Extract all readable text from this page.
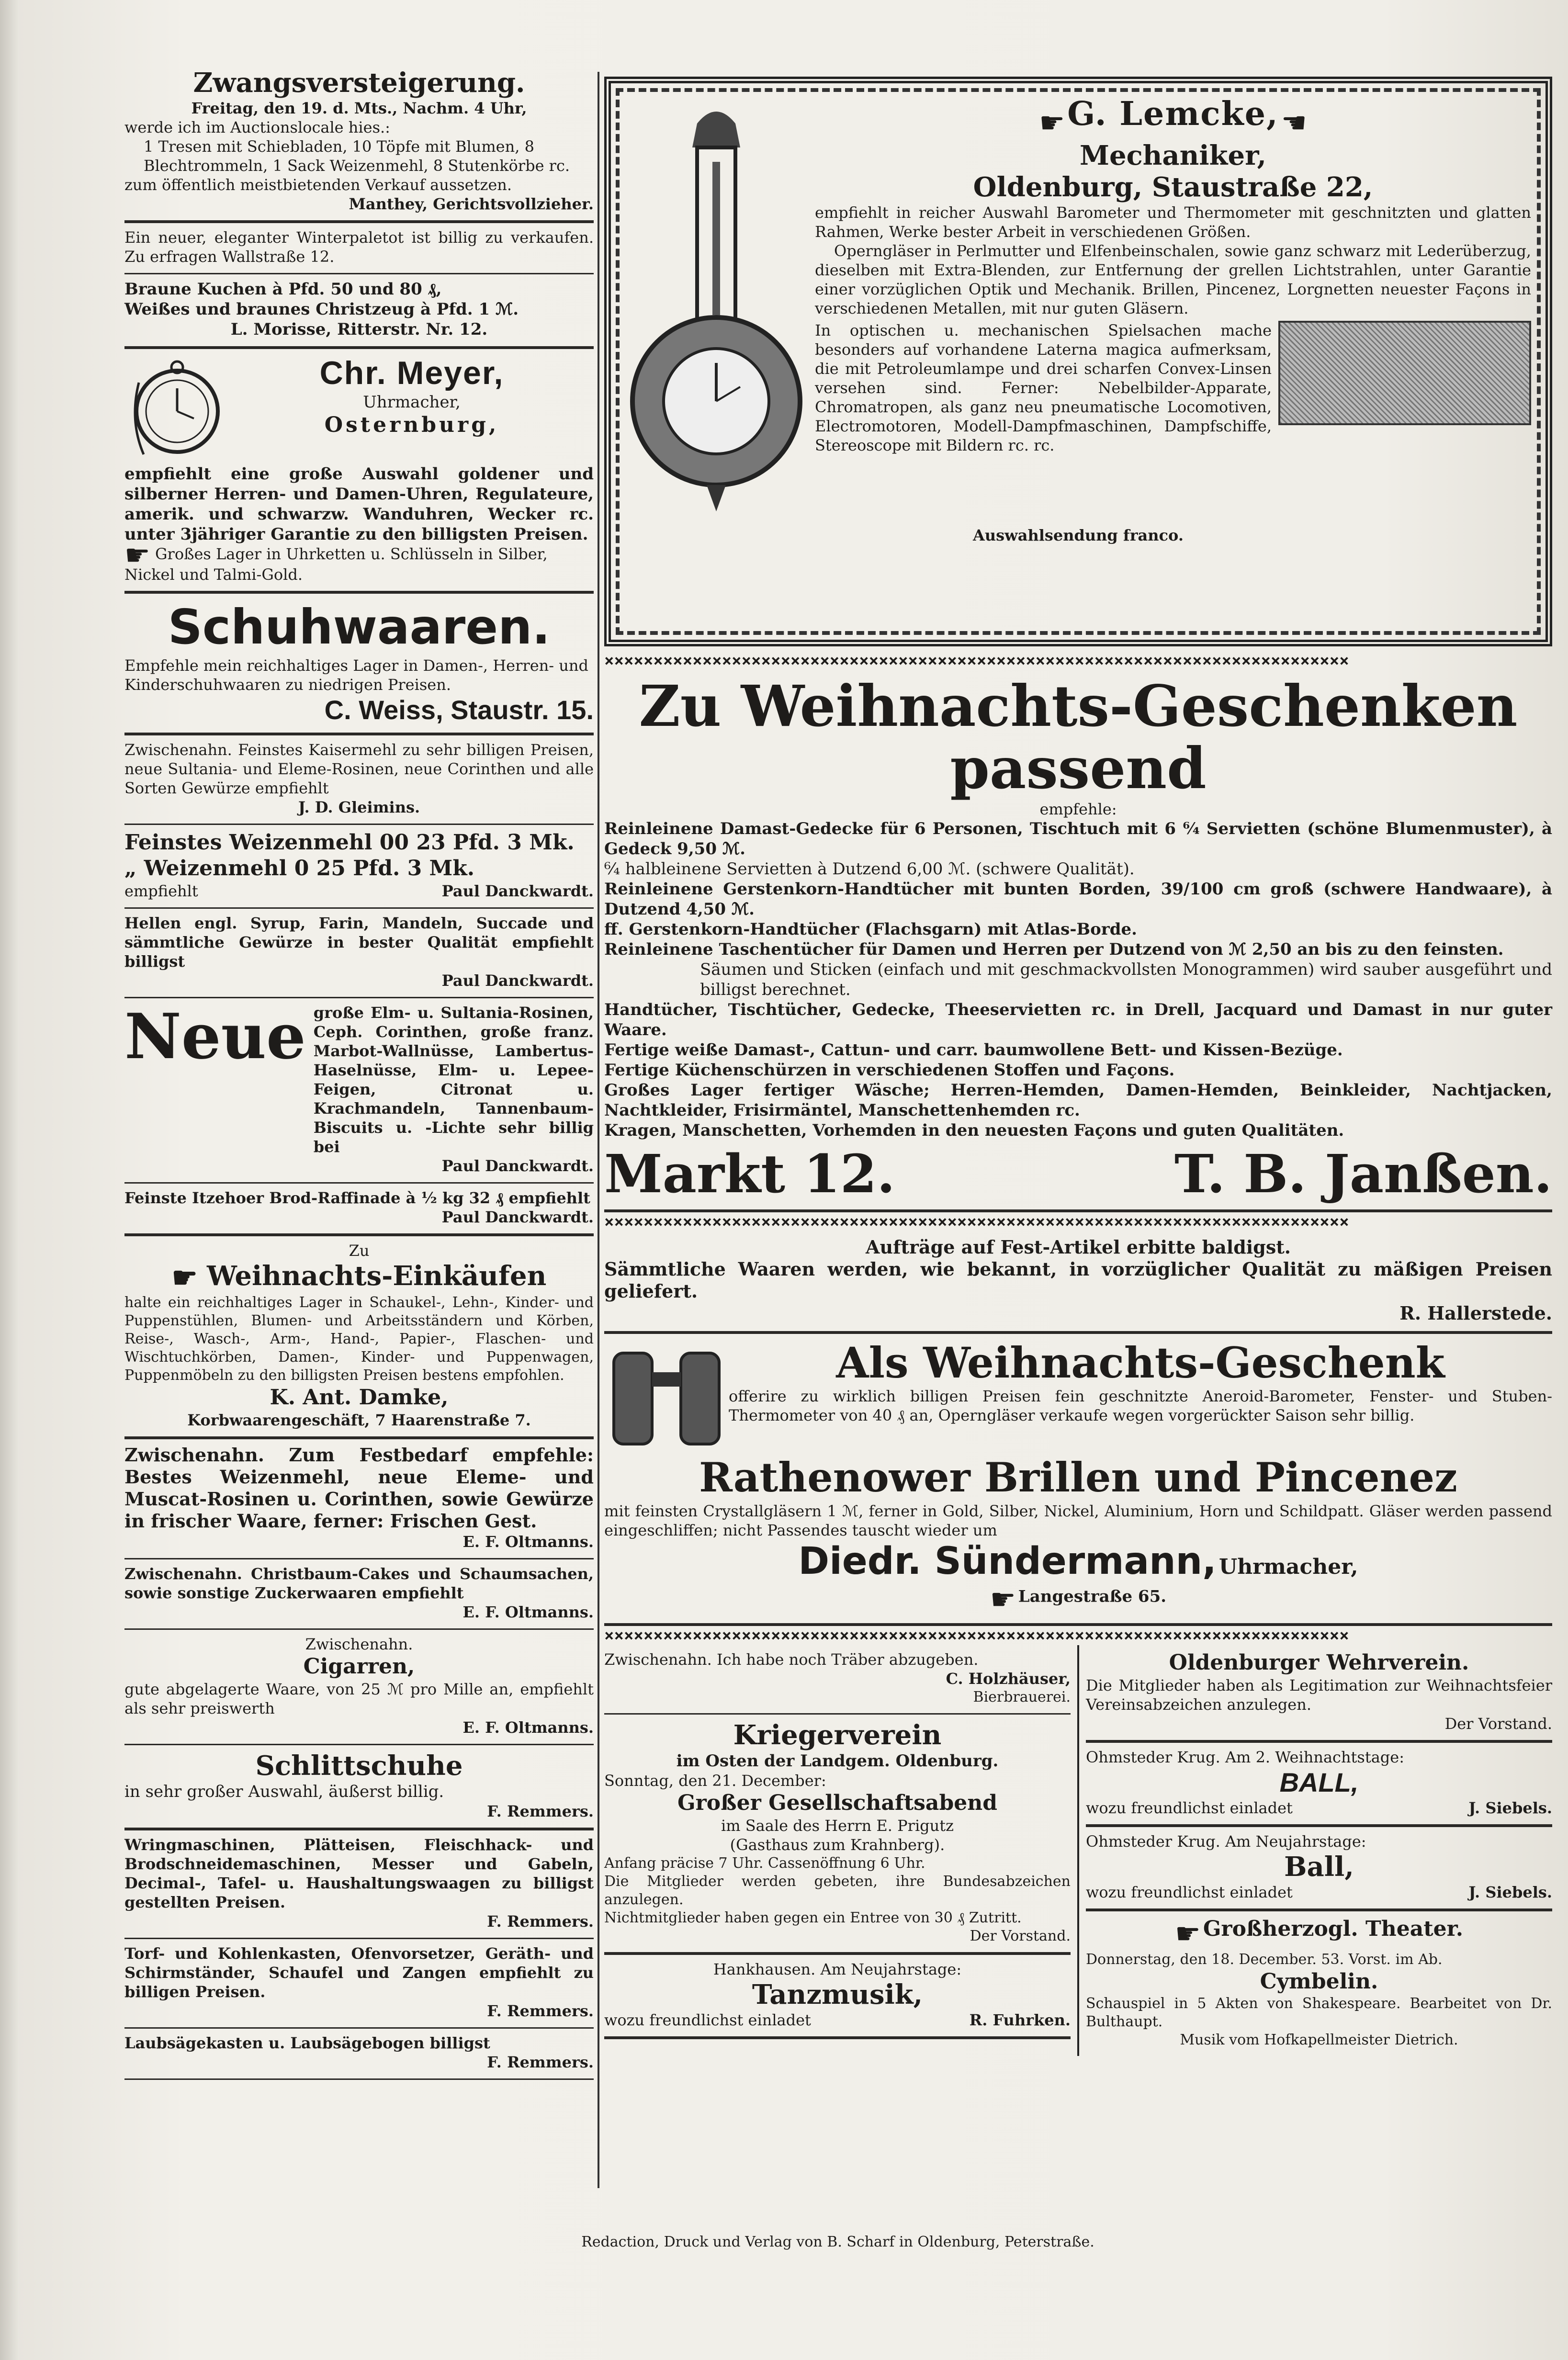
Zwangsversteigerung.
Freitag, den 19. d. Mts., Nachm. 4 Uhr,
werde ich im Auctionslocale hies.:
1 Tresen mit Schiebladen, 10 Töpfe mit Blumen, 8 Blechtrommeln, 1 Sack Weizenmehl, 8 Stutenkörbe rc.
zum öffentlich meistbietenden Verkauf aussetzen.
Manthey, Gerichtsvollzieher.
Ein neuer, eleganter Winterpaletot ist billig zu verkaufen. Zu erfragen Wallstraße 12.
Braune Kuchen à Pfd. 50 und 80 ₰,
Weißes und braunes Christzeug à Pfd. 1 ℳ.
L. Morisse, Ritterstr. Nr. 12.
Chr. Meyer,
Uhrmacher,
Osternburg,
empfiehlt eine große Auswahl goldener und silberner Herren- und Damen-Uhren, Regulateure, amerik. und schwarzw. Wanduhren, Wecker rc. unter 3jähriger Garantie zu den billigsten Preisen.
☛ Großes Lager in Uhrketten u. Schlüsseln in Silber, Nickel und Talmi-Gold.
Schuhwaaren.
Empfehle mein reichhaltiges Lager in Damen-, Herren- und Kinderschuhwaaren zu niedrigen Preisen.
C. Weiss, Staustr. 15.
Zwischenahn. Feinstes Kaisermehl zu sehr billigen Preisen, neue Sultania- und Eleme-Rosinen, neue Corinthen und alle Sorten Gewürze empfiehlt
J. D. Gleimins.
Feinstes Weizenmehl 00 23 Pfd. 3 Mk.
„ Weizenmehl 0 25 Pfd. 3 Mk.
empfiehlt	Paul Danckwardt.
Hellen engl. Syrup, Farin, Mandeln, Succade und sämmtliche Gewürze in bester Qualität empfiehlt billigst
Paul Danckwardt.
Neue große Elm- u. Sultania-Rosinen, Ceph. Corinthen, große franz. Marbot-Wallnüsse, Lambertus-Haselnüsse, Elm- u. Lepee-Feigen, Citronat u. Krachmandeln, Tannenbaum-Biscuits u. -Lichte sehr billig bei
Paul Danckwardt.
Feinste Itzehoer Brod-Raffinade à ½ kg 32 ₰ empfiehlt
Paul Danckwardt.
Zu
☛ Weihnachts-Einkäufen
halte ein reichhaltiges Lager in Schaukel-, Lehn-, Kinder- und Puppenstühlen, Blumen- und Arbeitsständern und Körben, Reise-, Wasch-, Arm-, Hand-, Papier-, Flaschen- und Wischtuchkörben, Damen-, Kinder- und Puppenwagen, Puppenmöbeln zu den billigsten Preisen bestens empfohlen.
K. Ant. Damke,
Korbwaarengeschäft, 7 Haarenstraße 7.
Zwischenahn. Zum Festbedarf empfehle: Bestes Weizenmehl, neue Eleme- und Muscat-Rosinen u. Corinthen, sowie Gewürze in frischer Waare, ferner: Frischen Gest.
E. F. Oltmanns.
Zwischenahn. Christbaum-Cakes und Schaumsachen, sowie sonstige Zuckerwaaren empfiehlt
E. F. Oltmanns.
Zwischenahn.
Cigarren,
gute abgelagerte Waare, von 25 ℳ pro Mille an, empfiehlt als sehr preiswerth
E. F. Oltmanns.
Schlittschuhe
in sehr großer Auswahl, äußerst billig.
F. Remmers.
Wringmaschinen, Plätteisen, Fleischhack- und Brodschneidemaschinen, Messer und Gabeln, Decimal-, Tafel- u. Haushaltungswaagen zu billigst gestellten Preisen.
F. Remmers.
Torf- und Kohlenkasten, Ofenvorsetzer, Geräth- und Schirmständer, Schaufel und Zangen empfiehlt zu billigen Preisen.
F. Remmers.
Laubsägekasten u. Laubsägebogen billigst
F. Remmers.
☛ G. Lemcke, ☚
Mechaniker,
Oldenburg, Staustraße 22,
empfiehlt in reicher Auswahl Barometer und Thermometer mit geschnitzten und glatten Rahmen, Werke bester Arbeit in verschiedenen Größen.
Operngläser in Perlmutter und Elfenbeinschalen, sowie ganz schwarz mit Lederüberzug, dieselben mit Extra-Blenden, zur Entfernung der grellen Lichtstrahlen, unter Garantie einer vorzüglichen Optik und Mechanik. Brillen, Pincenez, Lorgnetten neuester Façons in verschiedenen Metallen, mit nur guten Gläsern.
In optischen u. mechanischen Spielsachen mache besonders auf vorhandene Laterna magica aufmerksam, die mit Petroleumlampe und drei scharfen Convex-Linsen versehen sind. Ferner: Nebelbilder-Apparate, Chromatropen, als ganz neu pneumatische Locomotiven, Electromotoren, Modell-Dampfmaschinen, Dampfschiffe, Stereoscope mit Bildern rc. rc.
Auswahlsendung franco.
××××××××××××××××××××××××××××××××××××××××××××××××××××××××××××××××××××××××××××
Zu Weihnachts-Geschenken passend
empfehle:
Reinleinene Damast-Gedecke für 6 Personen, Tischtuch mit 6 ⁶⁄₄ Servietten (schöne Blumenmuster), à Gedeck 9,50 ℳ.
⁶⁄₄ halbleinene Servietten à Dutzend 6,00 ℳ. (schwere Qualität).
Reinleinene Gerstenkorn-Handtücher mit bunten Borden, 39/100 cm groß (schwere Handwaare), à Dutzend 4,50 ℳ.
ff. Gerstenkorn-Handtücher (Flachsgarn) mit Atlas-Borde.
Reinleinene Taschentücher für Damen und Herren per Dutzend von ℳ 2,50 an bis zu den feinsten.
Säumen und Sticken (einfach und mit geschmackvollsten Monogrammen) wird sauber ausgeführt und billigst berechnet.
Handtücher, Tischtücher, Gedecke, Theeservietten rc. in Drell, Jacquard und Damast in nur guter Waare.
Fertige weiße Damast-, Cattun- und carr. baumwollene Bett- und Kissen-Bezüge.
Fertige Küchenschürzen in verschiedenen Stoffen und Façons.
Großes Lager fertiger Wäsche; Herren-Hemden, Damen-Hemden, Beinkleider, Nachtjacken, Nachtkleider, Frisirmäntel, Manschettenhemden rc.
Kragen, Manschetten, Vorhemden in den neuesten Façons und guten Qualitäten.
Markt 12.	T. B. Janßen.
××××××××××××××××××××××××××××××××××××××××××××××××××××××××××××××××××××××××××××
Aufträge auf Fest-Artikel erbitte baldigst.
Sämmtliche Waaren werden, wie bekannt, in vorzüglicher Qualität zu mäßigen Preisen geliefert.
R. Hallerstede.
Als Weihnachts-Geschenk
offerire zu wirklich billigen Preisen fein geschnitzte Aneroid-Barometer, Fenster- und Stuben-Thermometer von 40 ₰ an, Operngläser verkaufe wegen vorgerückter Saison sehr billig.
Rathenower Brillen und Pincenez
mit feinsten Crystallgläsern 1 ℳ, ferner in Gold, Silber, Nickel, Aluminium, Horn und Schildpatt. Gläser werden passend eingeschliffen; nicht Passendes tauscht wieder um
Diedr. Sündermann, Uhrmacher,
☛ Langestraße 65.
××××××××××××××××××××××××××××××××××××××××××××××××××××××××××××××××××××××××××××
Zwischenahn. Ich habe noch Träber abzugeben.
C. Holzhäuser,
Bierbrauerei.
Kriegerverein
im Osten der Landgem. Oldenburg.
Sonntag, den 21. December:
Großer Gesellschaftsabend
im Saale des Herrn E. Prigutz
(Gasthaus zum Krahnberg).
Anfang präcise 7 Uhr. Cassenöffnung 6 Uhr.
Die Mitglieder werden gebeten, ihre Bundesabzeichen anzulegen.
Nichtmitglieder haben gegen ein Entree von 30 ₰ Zutritt.
Der Vorstand.
Hankhausen. Am Neujahrstage:
Tanzmusik,
wozu freundlichst einladet	R. Fuhrken.
Oldenburger Wehrverein.
Die Mitglieder haben als Legitimation zur Weihnachtsfeier Vereinsabzeichen anzulegen.
Der Vorstand.
Ohmsteder Krug. Am 2. Weihnachtstage:
BALL,
wozu freundlichst einladet	J. Siebels.
Ohmsteder Krug. Am Neujahrstage:
Ball,
wozu freundlichst einladet	J. Siebels.
☛ Großherzogl. Theater.
Donnerstag, den 18. December. 53. Vorst. im Ab.
Cymbelin.
Schauspiel in 5 Akten von Shakespeare. Bearbeitet von Dr. Bulthaupt.
Musik vom Hofkapellmeister Dietrich.
Redaction, Druck und Verlag von B. Scharf in Oldenburg, Peterstraße.
